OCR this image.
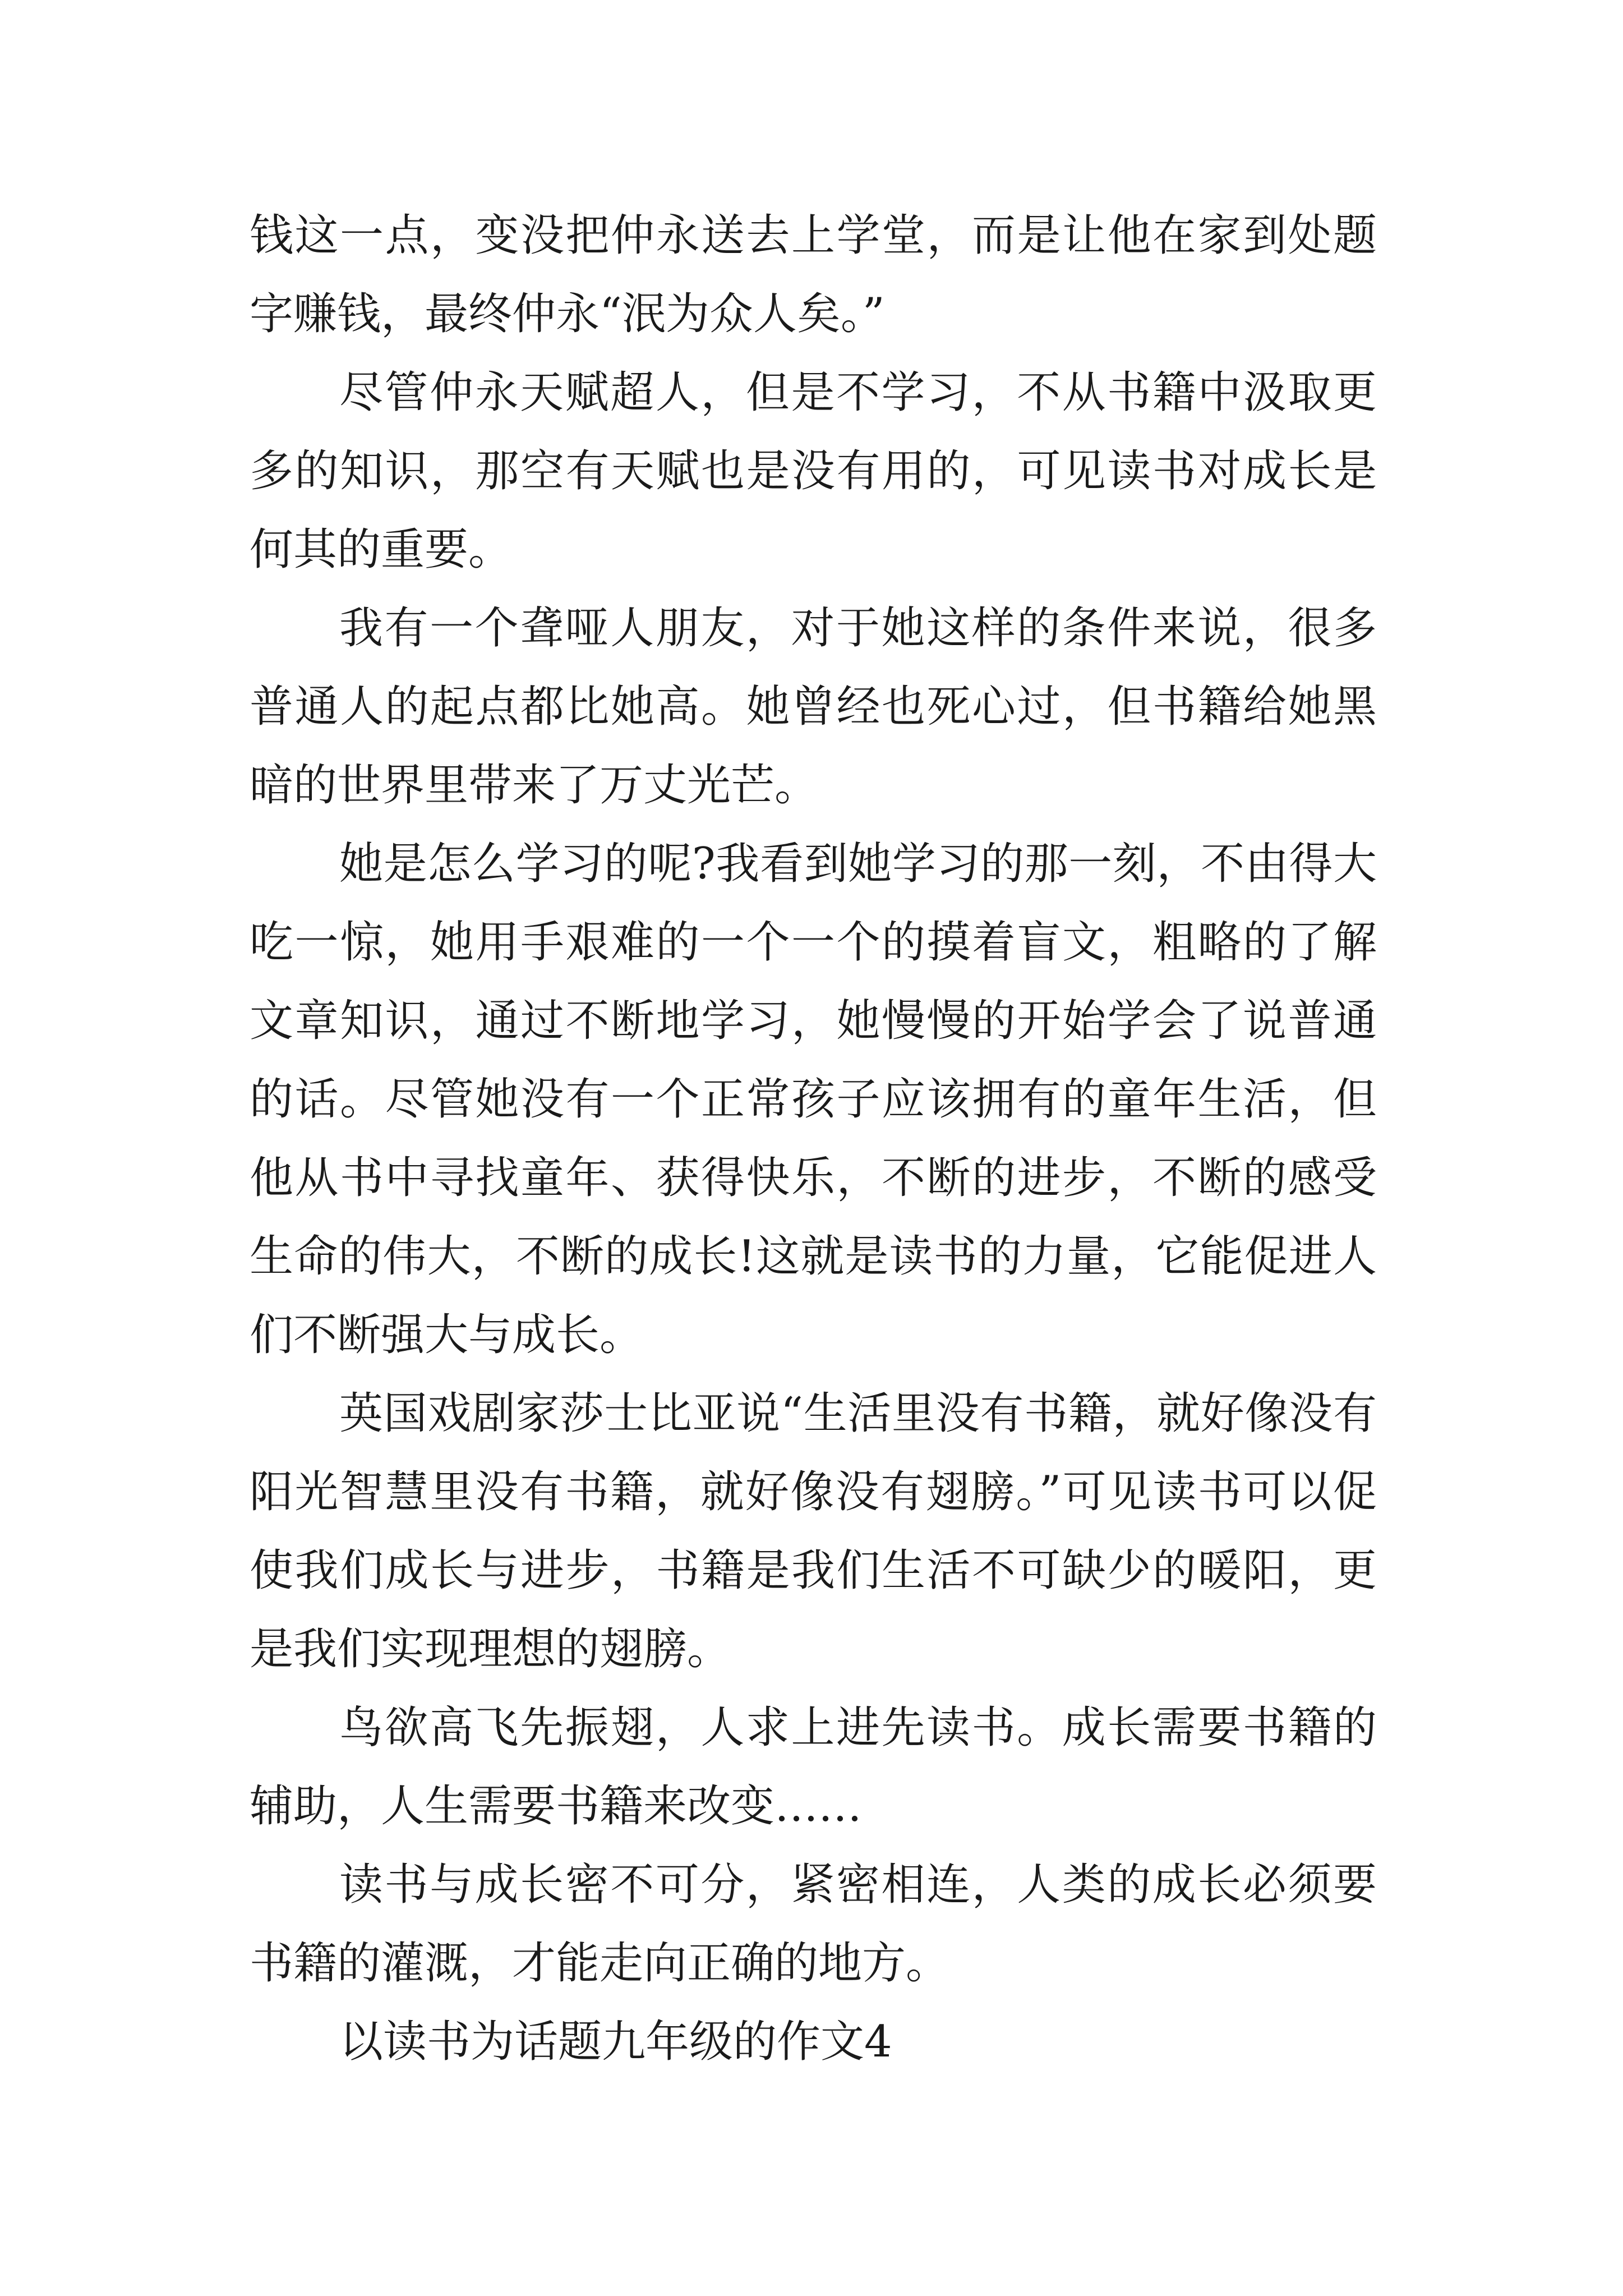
钱这一点，变没把仲永送去上学堂，而是让他在家到处题字赚钱，最终仲永“泯为众人矣。”

尽管仲永天赋超人，但是不学习，不从书籍中汲取更多的知识，那空有天赋也是没有用的，可见读书对成长是何其的重要。

我有一个聋哑人朋友，对于她这样的条件来说，很多普通人的起点都比她高。她曾经也死心过，但书籍给她黑暗的世界里带来了万丈光芒。

她是怎么学习的呢?我看到她学习的那一刻，不由得大吃一惊，她用手艰难的一个一个的摸着盲文，粗略的了解文章知识，通过不断地学习，她慢慢的开始学会了说普通的话。尽管她没有一个正常孩子应该拥有的童年生活，但他从书中寻找童年、获得快乐，不断的进步，不断的感受生命的伟大，不断的成长!这就是读书的力量，它能促进人们不断强大与成长。

英国戏剧家莎士比亚说“生活里没有书籍，就好像没有阳光智慧里没有书籍，就好像没有翅膀。”可见读书可以促使我们成长与进步，书籍是我们生活不可缺少的暖阳，更是我们实现理想的翅膀。

鸟欲高飞先振翅，人求上进先读书。成长需要书籍的辅助，人生需要书籍来改变……

读书与成长密不可分，紧密相连，人类的成长必须要书籍的灌溉，才能走向正确的地方。

以读书为话题九年级的作文4
